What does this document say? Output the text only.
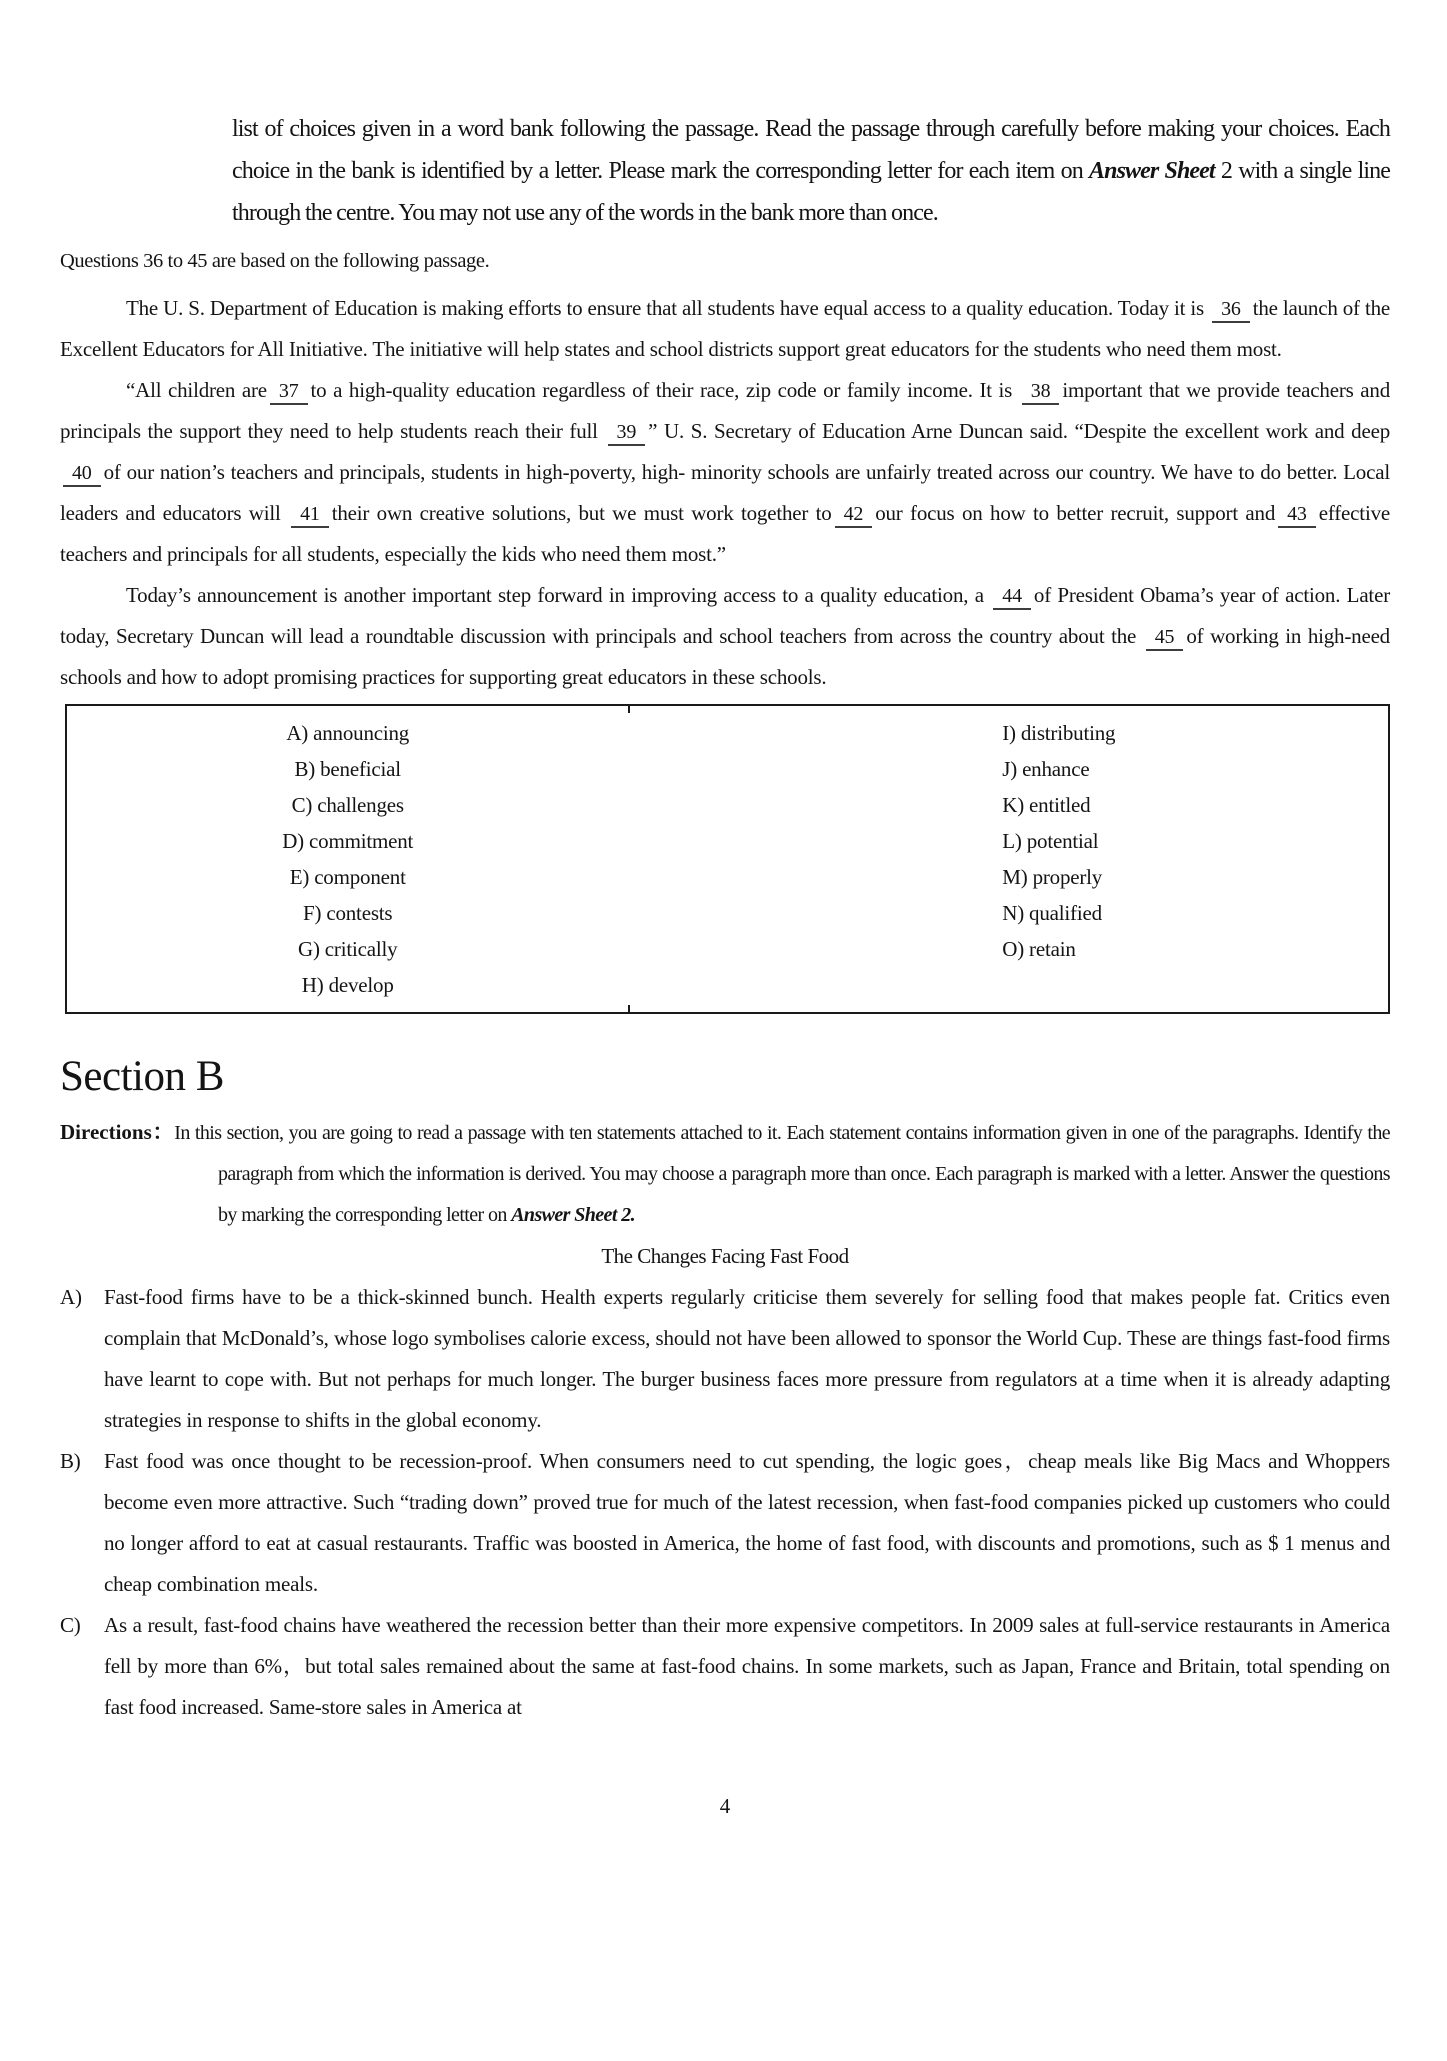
list of choices given in a word bank following the passage. Read the passage through carefully before making your choices. Each choice in the bank is identified by a letter. Please mark the corresponding letter for each item on Answer Sheet 2 with a single line through the centre. You may not use any of the words in the bank more than once.

Questions 36 to 45 are based on the following passage.

The U. S. Department of Education is making efforts to ensure that all students have equal access to a quality education. Today it is 36 the launch of the Excellent Educators for All Initiative. The initiative will help states and school districts support great educators for the students who need them most.

“All children are 37 to a high-quality education regardless of their race, zip code or family income. It is 38 important that we provide teachers and principals the support they need to help students reach their full 39 ” U. S. Secretary of Education Arne Duncan said. “Despite the excellent work and deep40 of our nation’s teachers and principals, students in high-poverty, high- minority schools are unfairly treated across our country. We have to do better. Local leaders and educators will 41 their own creative solutions, but we must work together to 42 our focus on how to better recruit, support and 43 effective teachers and principals for all students, especially the kids who need them most.”

Today’s announcement is another important step forward in improving access to a quality education, a 44 of President Obama’s year of action. Later today, Secretary Duncan will lead a roundtable discussion with principals and school teachers from across the country about the 45 of working in high-need schools and how to adopt promising practices for supporting great educators in these schools.

A) announcing
B) beneficial
C) challenges
D) commitment
E) component
F) contests
G) critically
H) develop
I) distributing
J) enhance
K) entitled
L) potential
M) properly
N) qualified
O) retain
Section B

Directions：In this section, you are going to read a passage with ten statements attached to it. Each statement contains information given in one of the paragraphs. Identify the paragraph from which the information is derived. You may choose a paragraph more than once. Each paragraph is marked with a letter. Answer the questions by marking the corresponding letter on Answer Sheet 2.

The Changes Facing Fast Food

A) Fast-food firms have to be a thick-skinned bunch. Health experts regularly criticise them severely for selling food that makes people fat. Critics even complain that McDonald’s, whose logo symbolises calorie excess, should not have been allowed to sponsor the World Cup. These are things fast-food firms have learnt to cope with. But not perhaps for much longer. The burger business faces more pressure from regulators at a time when it is already adapting strategies in response to shifts in the global economy.

B) Fast food was once thought to be recession-proof. When consumers need to cut spending, the logic goes，cheap meals like Big Macs and Whoppers become even more attractive. Such “trading down” proved true for much of the latest recession, when fast-food companies picked up customers who could no longer afford to eat at casual restaurants. Traffic was boosted in America, the home of fast food, with discounts and promotions, such as $ 1 menus and cheap combination meals.

C) As a result, fast-food chains have weathered the recession better than their more expensive competitors. In 2009 sales at full-service restaurants in America fell by more than 6%，but total sales remained about the same at fast-food chains. In some markets, such as Japan, France and Britain, total spending on fast food increased. Same-store sales in America at

4
